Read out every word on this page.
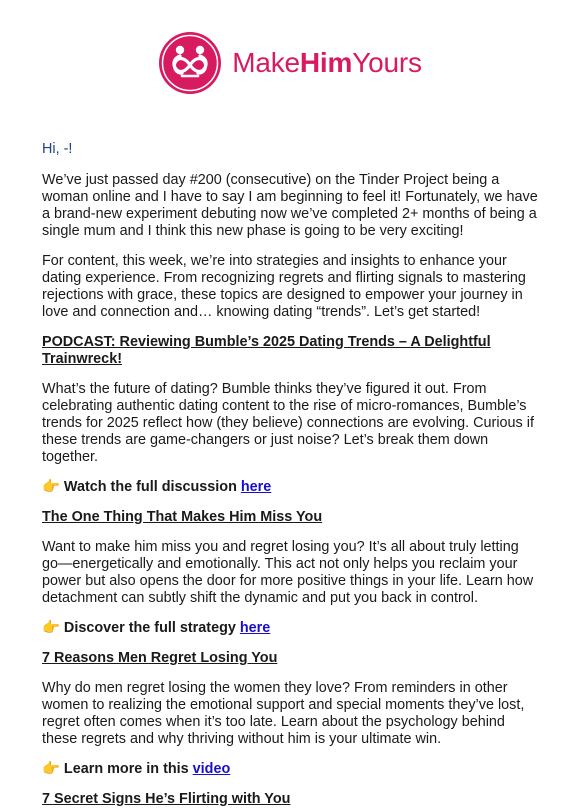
MakeHimYours

Hi, -!

We’ve just passed day #200 (consecutive) on the Tinder Project being a woman online and I have to say I am beginning to feel it! Fortunately, we have a brand-new experiment debuting now we’ve completed 2+ months of being a single mum and I think this new phase is going to be very exciting!

For content, this week, we’re into strategies and insights to enhance your dating experience. From recognizing regrets and flirting signals to mastering rejections with grace, these topics are designed to empower your journey in love and connection and… knowing dating “trends”. Let’s get started!

PODCAST: Reviewing Bumble’s 2025 Dating Trends – A Delightful Trainwreck!

What’s the future of dating? Bumble thinks they’ve figured it out. From celebrating authentic dating content to the rise of micro-romances, Bumble’s trends for 2025 reflect how (they believe) connections are evolving. Curious if these trends are game-changers or just noise? Let’s break them down together.

👉 Watch the full discussion here
The One Thing That Makes Him Miss You

Want to make him miss you and regret losing you? It’s all about truly letting go—energetically and emotionally. This act not only helps you reclaim your power but also opens the door for more positive things in your life. Learn how detachment can subtly shift the dynamic and put you back in control.

👉 Discover the full strategy here
7 Reasons Men Regret Losing You

Why do men regret losing the women they love? From reminders in other women to realizing the emotional support and special moments they’ve lost, regret often comes when it’s too late. Learn about the psychology behind these regrets and why thriving without him is your ultimate win.

👉 Learn more in this video
7 Secret Signs He’s Flirting with You
